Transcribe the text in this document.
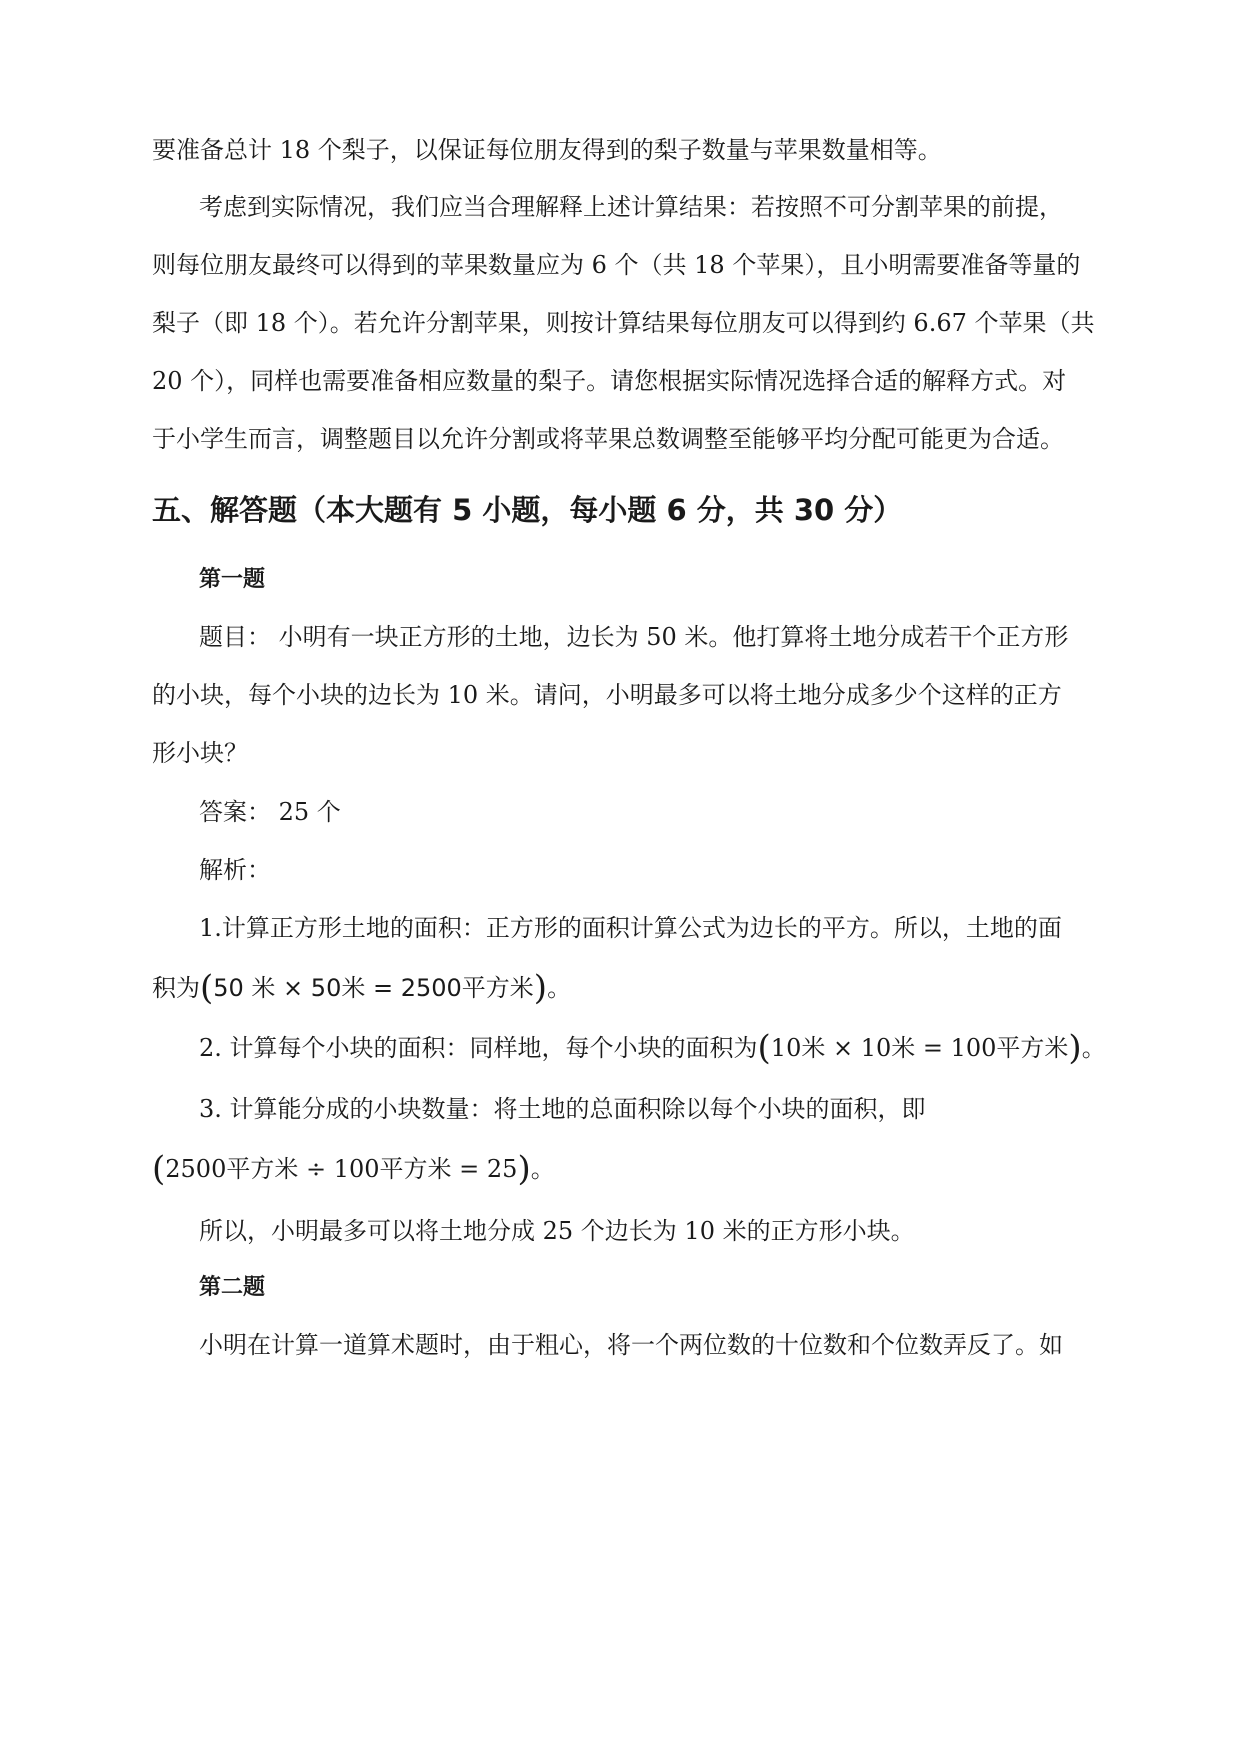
要准备总计 18 个梨子，以保证每位朋友得到的梨子数量与苹果数量相等。
考虑到实际情况，我们应当合理解释上述计算结果：若按照不可分割苹果的前提，
则每位朋友最终可以得到的苹果数量应为 6 个（共 18 个苹果），且小明需要准备等量的
梨子（即 18 个）。若允许分割苹果，则按计算结果每位朋友可以得到约 6.67 个苹果（共
20 个），同样也需要准备相应数量的梨子。请您根据实际情况选择合适的解释方式。对
于小学生而言，调整题目以允许分割或将苹果总数调整至能够平均分配可能更为合适。
五、解答题（本大题有 5 小题，每小题 6 分，共 30 分）
第一题
题目： 小明有一块正方形的土地，边长为 50 米。他打算将土地分成若干个正方形
的小块，每个小块的边长为 10 米。请问，小明最多可以将土地分成多少个这样的正方
形小块？
答案： 25 个
解析：
1.计算正方形土地的面积：正方形的面积计算公式为边长的平方。所以，土地的面
积为(50 米 × 50米 = 2500平方米)。
2. 计算每个小块的面积：同样地，每个小块的面积为(10米 × 10米 = 100平方米)。
3. 计算能分成的小块数量：将土地的总面积除以每个小块的面积，即
(2500平方米 ÷ 100平方米 = 25)。
所以，小明最多可以将土地分成 25 个边长为 10 米的正方形小块。
第二题
小明在计算一道算术题时，由于粗心，将一个两位数的十位数和个位数弄反了。如
